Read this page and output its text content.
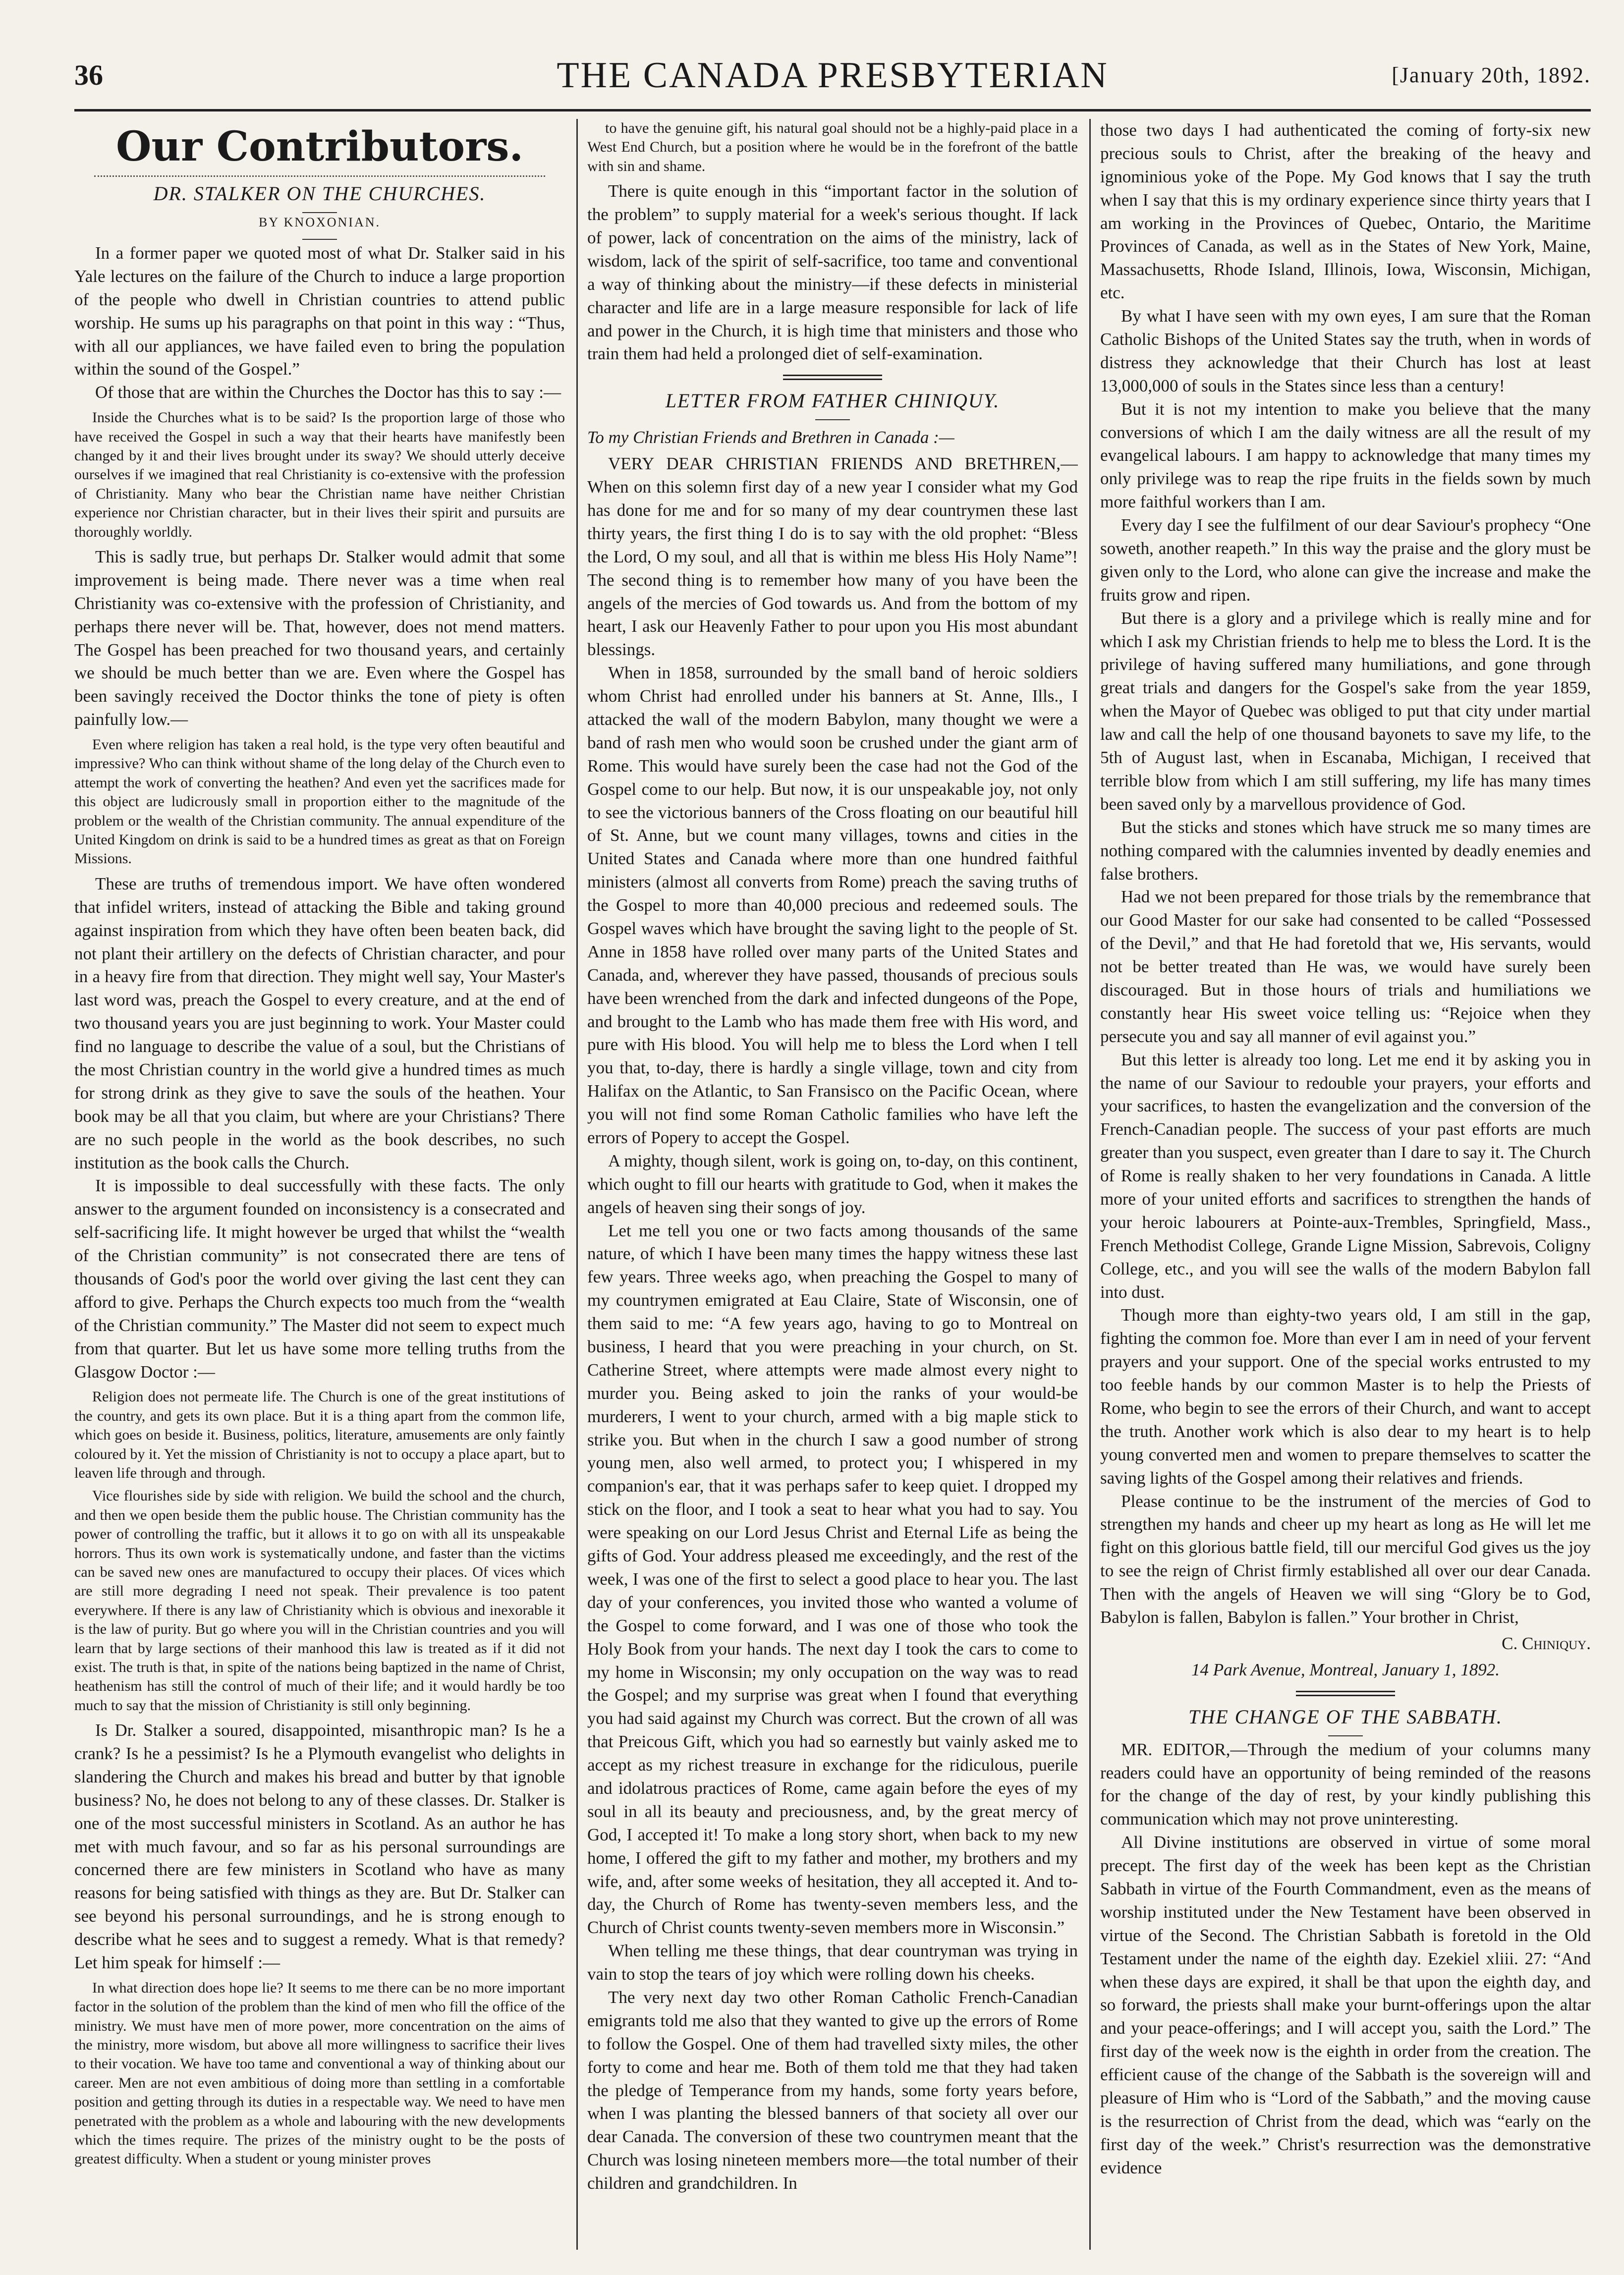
36	THE CANADA PRESBYTERIAN	[January 20th, 1892.
Our Contributors.
DR. STALKER ON THE CHURCHES.
BY KNOXONIAN.

In a former paper we quoted most of what Dr. Stalker said in his Yale lectures on the failure of the Church to induce a large proportion of the people who dwell in Christian countries to attend public worship. He sums up his paragraphs on that point in this way : “Thus, with all our appliances, we have failed even to bring the population within the sound of the Gospel.”

Of those that are within the Churches the Doctor has this to say :—

Inside the Churches what is to be said? Is the proportion large of those who have received the Gospel in such a way that their hearts have manifestly been changed by it and their lives brought under its sway? We should utterly deceive ourselves if we imagined that real Christianity is co-extensive with the profession of Christianity. Many who bear the Christian name have neither Christian experience nor Christian character, but in their lives their spirit and pursuits are thoroughly worldly.

This is sadly true, but perhaps Dr. Stalker would admit that some improvement is being made. There never was a time when real Christianity was co-extensive with the profession of Christianity, and perhaps there never will be. That, however, does not mend matters. The Gospel has been preached for two thousand years, and certainly we should be much better than we are. Even where the Gospel has been savingly received the Doctor thinks the tone of piety is often painfully low.—

Even where religion has taken a real hold, is the type very often beautiful and impressive? Who can think without shame of the long delay of the Church even to attempt the work of converting the heathen? And even yet the sacrifices made for this object are ludicrously small in proportion either to the magnitude of the problem or the wealth of the Christian community. The annual expenditure of the United Kingdom on drink is said to be a hundred times as great as that on Foreign Missions.

These are truths of tremendous import. We have often wondered that infidel writers, instead of attacking the Bible and taking ground against inspiration from which they have often been beaten back, did not plant their artillery on the defects of Christian character, and pour in a heavy fire from that direction. They might well say, Your Master's last word was, preach the Gospel to every creature, and at the end of two thousand years you are just beginning to work. Your Master could find no language to describe the value of a soul, but the Christians of the most Christian country in the world give a hundred times as much for strong drink as they give to save the souls of the heathen. Your book may be all that you claim, but where are your Christians? There are no such people in the world as the book describes, no such institution as the book calls the Church.

It is impossible to deal successfully with these facts. The only answer to the argument founded on inconsistency is a consecrated and self-sacrificing life. It might however be urged that whilst the “wealth of the Christian community” is not consecrated there are tens of thousands of God's poor the world over giving the last cent they can afford to give. Perhaps the Church expects too much from the “wealth of the Christian community.” The Master did not seem to expect much from that quarter. But let us have some more telling truths from the Glasgow Doctor :—

Religion does not permeate life. The Church is one of the great institutions of the country, and gets its own place. But it is a thing apart from the common life, which goes on beside it. Business, politics, literature, amusements are only faintly coloured by it. Yet the mission of Christianity is not to occupy a place apart, but to leaven life through and through.

Vice flourishes side by side with religion. We build the school and the church, and then we open beside them the public house. The Christian community has the power of controlling the traffic, but it allows it to go on with all its unspeakable horrors. Thus its own work is systematically undone, and faster than the victims can be saved new ones are manufactured to occupy their places. Of vices which are still more degrading I need not speak. Their prevalence is too patent everywhere. If there is any law of Christianity which is obvious and inexorable it is the law of purity. But go where you will in the Christian countries and you will learn that by large sections of their manhood this law is treated as if it did not exist. The truth is that, in spite of the nations being baptized in the name of Christ, heathenism has still the control of much of their life; and it would hardly be too much to say that the mission of Christianity is still only beginning.

Is Dr. Stalker a soured, disappointed, misanthropic man? Is he a crank? Is he a pessimist? Is he a Plymouth evangelist who delights in slandering the Church and makes his bread and butter by that ignoble business? No, he does not belong to any of these classes. Dr. Stalker is one of the most successful ministers in Scotland. As an author he has met with much favour, and so far as his personal surroundings are concerned there are few ministers in Scotland who have as many reasons for being satisfied with things as they are. But Dr. Stalker can see beyond his personal surroundings, and he is strong enough to describe what he sees and to suggest a remedy. What is that remedy? Let him speak for himself :—

In what direction does hope lie? It seems to me there can be no more important factor in the solution of the problem than the kind of men who fill the office of the ministry. We must have men of more power, more concentration on the aims of the ministry, more wisdom, but above all more willingness to sacrifice their lives to their vocation. We have too tame and conventional a way of thinking about our career. Men are not even ambitious of doing more than settling in a comfortable position and getting through its duties in a respectable way. We need to have men penetrated with the problem as a whole and labouring with the new developments which the times require. The prizes of the ministry ought to be the posts of greatest difficulty. When a student or young minister proves

to have the genuine gift, his natural goal should not be a highly-paid place in a West End Church, but a position where he would be in the forefront of the battle with sin and shame.

There is quite enough in this “important factor in the solution of the problem” to supply material for a week's serious thought. If lack of power, lack of concentration on the aims of the ministry, lack of wisdom, lack of the spirit of self-sacrifice, too tame and conventional a way of thinking about the ministry—if these defects in ministerial character and life are in a large measure responsible for lack of life and power in the Church, it is high time that ministers and those who train them had held a prolonged diet of self-examination.

LETTER FROM FATHER CHINIQUY.

To my Christian Friends and Brethren in Canada :—

VERY DEAR CHRISTIAN FRIENDS AND BRETHREN,— When on this solemn first day of a new year I consider what my God has done for me and for so many of my dear countrymen these last thirty years, the first thing I do is to say with the old prophet: “Bless the Lord, O my soul, and all that is within me bless His Holy Name”! The second thing is to remember how many of you have been the angels of the mercies of God towards us. And from the bottom of my heart, I ask our Heavenly Father to pour upon you His most abundant blessings.

When in 1858, surrounded by the small band of heroic soldiers whom Christ had enrolled under his banners at St. Anne, Ills., I attacked the wall of the modern Babylon, many thought we were a band of rash men who would soon be crushed under the giant arm of Rome. This would have surely been the case had not the God of the Gospel come to our help. But now, it is our unspeakable joy, not only to see the victorious banners of the Cross floating on our beautiful hill of St. Anne, but we count many villages, towns and cities in the United States and Canada where more than one hundred faithful ministers (almost all converts from Rome) preach the saving truths of the Gospel to more than 40,000 precious and redeemed souls. The Gospel waves which have brought the saving light to the people of St. Anne in 1858 have rolled over many parts of the United States and Canada, and, wherever they have passed, thousands of precious souls have been wrenched from the dark and infected dungeons of the Pope, and brought to the Lamb who has made them free with His word, and pure with His blood. You will help me to bless the Lord when I tell you that, to-day, there is hardly a single village, town and city from Halifax on the Atlantic, to San Fransisco on the Pacific Ocean, where you will not find some Roman Catholic families who have left the errors of Popery to accept the Gospel.

A mighty, though silent, work is going on, to-day, on this continent, which ought to fill our hearts with gratitude to God, when it makes the angels of heaven sing their songs of joy.

Let me tell you one or two facts among thousands of the same nature, of which I have been many times the happy witness these last few years. Three weeks ago, when preaching the Gospel to many of my countrymen emigrated at Eau Claire, State of Wisconsin, one of them said to me: “A few years ago, having to go to Montreal on business, I heard that you were preaching in your church, on St. Catherine Street, where attempts were made almost every night to murder you. Being asked to join the ranks of your would-be murderers, I went to your church, armed with a big maple stick to strike you. But when in the church I saw a good number of strong young men, also well armed, to protect you; I whispered in my companion's ear, that it was perhaps safer to keep quiet. I dropped my stick on the floor, and I took a seat to hear what you had to say. You were speaking on our Lord Jesus Christ and Eternal Life as being the gifts of God. Your address pleased me exceedingly, and the rest of the week, I was one of the first to select a good place to hear you. The last day of your conferences, you invited those who wanted a volume of the Gospel to come forward, and I was one of those who took the Holy Book from your hands. The next day I took the cars to come to my home in Wisconsin; my only occupation on the way was to read the Gospel; and my surprise was great when I found that everything you had said against my Church was correct. But the crown of all was that Preicous Gift, which you had so earnestly but vainly asked me to accept as my richest treasure in exchange for the ridiculous, puerile and idolatrous practices of Rome, came again before the eyes of my soul in all its beauty and preciousness, and, by the great mercy of God, I accepted it! To make a long story short, when back to my new home, I offered the gift to my father and mother, my brothers and my wife, and, after some weeks of hesitation, they all accepted it. And to-day, the Church of Rome has twenty-seven members less, and the Church of Christ counts twenty-seven members more in Wisconsin.”

When telling me these things, that dear countryman was trying in vain to stop the tears of joy which were rolling down his cheeks.

The very next day two other Roman Catholic French-Canadian emigrants told me also that they wanted to give up the errors of Rome to follow the Gospel. One of them had travelled sixty miles, the other forty to come and hear me. Both of them told me that they had taken the pledge of Temperance from my hands, some forty years before, when I was planting the blessed banners of that society all over our dear Canada. The conversion of these two countrymen meant that the Church was losing nineteen members more—the total number of their children and grandchildren. In

those two days I had authenticated the coming of forty-six new precious souls to Christ, after the breaking of the heavy and ignominious yoke of the Pope. My God knows that I say the truth when I say that this is my ordinary experience since thirty years that I am working in the Provinces of Quebec, Ontario, the Maritime Provinces of Canada, as well as in the States of New York, Maine, Massachusetts, Rhode Island, Illinois, Iowa, Wisconsin, Michigan, etc.

By what I have seen with my own eyes, I am sure that the Roman Catholic Bishops of the United States say the truth, when in words of distress they acknowledge that their Church has lost at least 13,000,000 of souls in the States since less than a century!

But it is not my intention to make you believe that the many conversions of which I am the daily witness are all the result of my evangelical labours. I am happy to acknowledge that many times my only privilege was to reap the ripe fruits in the fields sown by much more faithful workers than I am.

Every day I see the fulfilment of our dear Saviour's prophecy “One soweth, another reapeth.” In this way the praise and the glory must be given only to the Lord, who alone can give the increase and make the fruits grow and ripen.

But there is a glory and a privilege which is really mine and for which I ask my Christian friends to help me to bless the Lord. It is the privilege of having suffered many humiliations, and gone through great trials and dangers for the Gospel's sake from the year 1859, when the Mayor of Quebec was obliged to put that city under martial law and call the help of one thousand bayonets to save my life, to the 5th of August last, when in Escanaba, Michigan, I received that terrible blow from which I am still suffering, my life has many times been saved only by a marvellous providence of God.

But the sticks and stones which have struck me so many times are nothing compared with the calumnies invented by deadly enemies and false brothers.

Had we not been prepared for those trials by the remembrance that our Good Master for our sake had consented to be called “Possessed of the Devil,” and that He had foretold that we, His servants, would not be better treated than He was, we would have surely been discouraged. But in those hours of trials and humiliations we constantly hear His sweet voice telling us: “Rejoice when they persecute you and say all manner of evil against you.”

But this letter is already too long. Let me end it by asking you in the name of our Saviour to redouble your prayers, your efforts and your sacrifices, to hasten the evangelization and the conversion of the French-Canadian people. The success of your past efforts are much greater than you suspect, even greater than I dare to say it. The Church of Rome is really shaken to her very foundations in Canada. A little more of your united efforts and sacrifices to strengthen the hands of your heroic labourers at Pointe-aux-Trembles, Springfield, Mass., French Methodist College, Grande Ligne Mission, Sabrevois, Coligny College, etc., and you will see the walls of the modern Babylon fall into dust.

Though more than eighty-two years old, I am still in the gap, fighting the common foe. More than ever I am in need of your fervent prayers and your support. One of the special works entrusted to my too feeble hands by our common Master is to help the Priests of Rome, who begin to see the errors of their Church, and want to accept the truth. Another work which is also dear to my heart is to help young converted men and women to prepare themselves to scatter the saving lights of the Gospel among their relatives and friends.

Please continue to be the instrument of the mercies of God to strengthen my hands and cheer up my heart as long as He will let me fight on this glorious battle field, till our merciful God gives us the joy to see the reign of Christ firmly established all over our dear Canada. Then with the angels of Heaven we will sing “Glory be to God, Babylon is fallen, Babylon is fallen.” Your brother in Christ,

C. Chiniquy.

14 Park Avenue, Montreal, January 1, 1892.

THE CHANGE OF THE SABBATH.

MR. EDITOR,—Through the medium of your columns many readers could have an opportunity of being reminded of the reasons for the change of the day of rest, by your kindly publishing this communication which may not prove uninteresting.

All Divine institutions are observed in virtue of some moral precept. The first day of the week has been kept as the Christian Sabbath in virtue of the Fourth Commandment, even as the means of worship instituted under the New Testament have been observed in virtue of the Second. The Christian Sabbath is foretold in the Old Testament under the name of the eighth day. Ezekiel xliii. 27: “And when these days are expired, it shall be that upon the eighth day, and so forward, the priests shall make your burnt-offerings upon the altar and your peace-offerings; and I will accept you, saith the Lord.” The first day of the week now is the eighth in order from the creation. The efficient cause of the change of the Sabbath is the sovereign will and pleasure of Him who is “Lord of the Sabbath,” and the moving cause is the resurrection of Christ from the dead, which was “early on the first day of the week.” Christ's resurrection was the demonstrative evidence
